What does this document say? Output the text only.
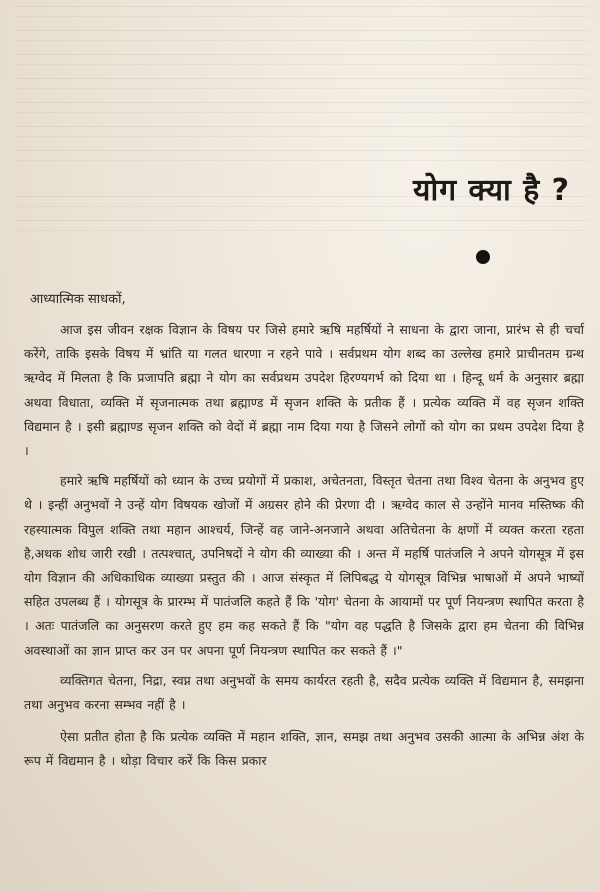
योग क्या है ?

आध्यात्मिक साधकों,

आज इस जीवन रक्षक विज्ञान के विषय पर जिसे हमारे ऋषि महर्षियों ने साधना के द्वारा जाना, प्रारंभ से ही चर्चा करेंगे, ताकि इसके विषय में भ्रांति या गलत धारणा न रहने पावे । सर्वप्रथम योग शब्द का उल्लेख हमारे प्राचीनतम ग्रन्थ ऋग्वेद में मिलता है कि प्रजापति ब्रह्मा ने योग का सर्वप्रथम उपदेश हिरण्यगर्भ को दिया था । हिन्दू धर्म के अनुसार ब्रह्मा अथवा विधाता, व्यक्ति में सृजनात्मक तथा ब्रह्माण्ड में सृजन शक्ति के प्रतीक हैं । प्रत्येक व्यक्ति में वह सृजन शक्ति विद्यमान है । इसी ब्रह्माण्ड सृजन शक्ति को वेदों में ब्रह्मा नाम दिया गया है जिसने लोगों को योग का प्रथम उपदेश दिया है ।

हमारे ऋषि महर्षियों को ध्यान के उच्च प्रयोगों में प्रकाश, अचेतनता, विस्तृत चेतना तथा विश्व चेतना के अनुभव हुए थे । इन्हीं अनुभवों ने उन्हें योग विषयक खोजों में अग्रसर होने की प्रेरणा दी । ऋग्वेद काल से उन्होंने मानव मस्तिष्क की रहस्यात्मक विपुल शक्ति तथा महान आश्चर्य, जिन्हें वह जाने-अनजाने अथवा अतिचेतना के क्षणों में व्यक्त करता रहता है,अथक शोध जारी रखी । तत्पश्चात्, उपनिषदों ने योग की व्याख्या की । अन्त में महर्षि पातंजलि ने अपने योगसूत्र में इस योग विज्ञान की अधिकाधिक व्याख्या प्रस्तुत की । आज संस्कृत में लिपिबद्ध ये योगसूत्र विभिन्न भाषाओं में अपने भाष्यों सहित उपलब्ध हैं । योगसूत्र के प्रारम्भ में पातंजलि कहते हैं कि 'योग' चेतना के आयामों पर पूर्ण नियन्त्रण स्थापित करता है । अतः पातंजलि का अनुसरण करते हुए हम कह सकते हैं कि "योग वह पद्धति है जिसके द्वारा हम चेतना की विभिन्न अवस्थाओं का ज्ञान प्राप्त कर उन पर अपना पूर्ण नियन्त्रण स्थापित कर सकते हैं ।"

व्यक्तिगत चेतना, निद्रा, स्वप्न तथा अनुभवों के समय कार्यरत रहती है, सदैव प्रत्येक व्यक्ति में विद्यमान है, समझना तथा अनुभव करना सम्भव नहीं है ।

ऐसा प्रतीत होता है कि प्रत्येक व्यक्ति में महान शक्ति, ज्ञान, समझ तथा अनुभव उसकी आत्मा के अभिन्न अंश के रूप में विद्यमान है । थोड़ा विचार करें कि किस प्रकार
